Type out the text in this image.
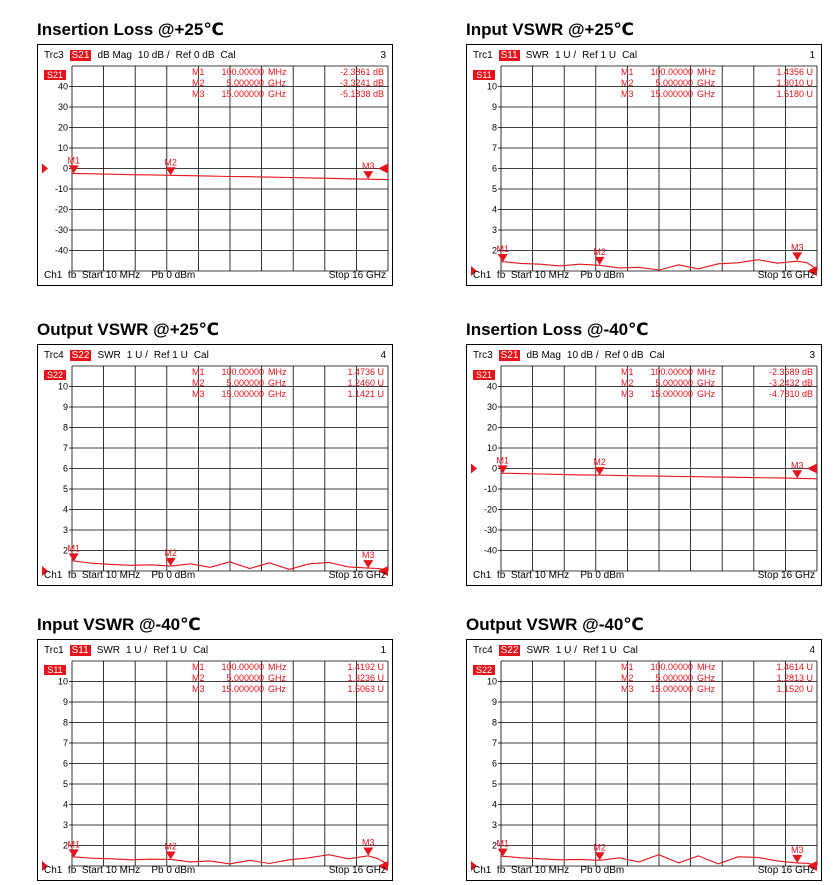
Insertion Loss @+25℃
Trc3 S21 dB Mag 10 dB / Ref 0 dB Cal	3
40
30
20
10
0
-10
-20
-30
-40
S21	M1 100.00000 MHz	-2.3861 dB
M2 5.000000 GHz	-3.3241 dB
M3 15.000000 GHz	-5.1838 dB
M1	M2	M3
Ch1 fb Start 10 MHz Pb 0 dBm	Stop 16 GHz
Input VSWR @+25℃
Trc1 S11 SWR 1 U / Ref 1 U Cal	1
10
9
8
7
6
5
4
3
2
S11	M1 100.00000 MHz	1.4356 U
M2 5.000000 GHz	1.3010 U
M3 15.000000 GHz	1.5180 U
M1	M2	M3
Ch1 fb Start 10 MHz Pb 0 dBm	Stop 16 GHz
Output VSWR @+25℃
Trc4 S22 SWR 1 U / Ref 1 U Cal	4
10
9
8
7
6
5
4
3
2
S22	M1 100.00000 MHz	1.4736 U
M2 5.000000 GHz	1.2460 U
M3 15.000000 GHz	1.1421 U
M1	M2	M3
Ch1 fb Start 10 MHz Pb 0 dBm	Stop 16 GHz
Insertion Loss @-40℃
Trc3 S21 dB Mag 10 dB / Ref 0 dB Cal	3
40
30
20
10
0
-10
-20
-30
-40
S21	M1 100.00000 MHz	-2.3689 dB
M2 5.000000 GHz	-3.2432 dB
M3 15.000000 GHz	-4.7810 dB
M1	M2	M3
Ch1 fb Start 10 MHz Pb 0 dBm	Stop 16 GHz
Input VSWR @-40℃
Trc1 S11 SWR 1 U / Ref 1 U Cal	1
10
9
8
7
6
5
4
3
2
S11	M1 100.00000 MHz	1.4192 U
M2 5.000000 GHz	1.3236 U
M3 15.000000 GHz	1.5063 U
M1	M2	M3
Ch1 fb Start 10 MHz Pb 0 dBm	Stop 16 GHz
Output VSWR @-40℃
Trc4 S22 SWR 1 U / Ref 1 U Cal	4
10
9
8
7
6
5
4
3
2
S22	M1 100.00000 MHz	1.4614 U
M2 5.000000 GHz	1.2813 U
M3 15.000000 GHz	1.1520 U
M1	M2	M3
Ch1 fb Start 10 MHz Pb 0 dBm	Stop 16 GHz
